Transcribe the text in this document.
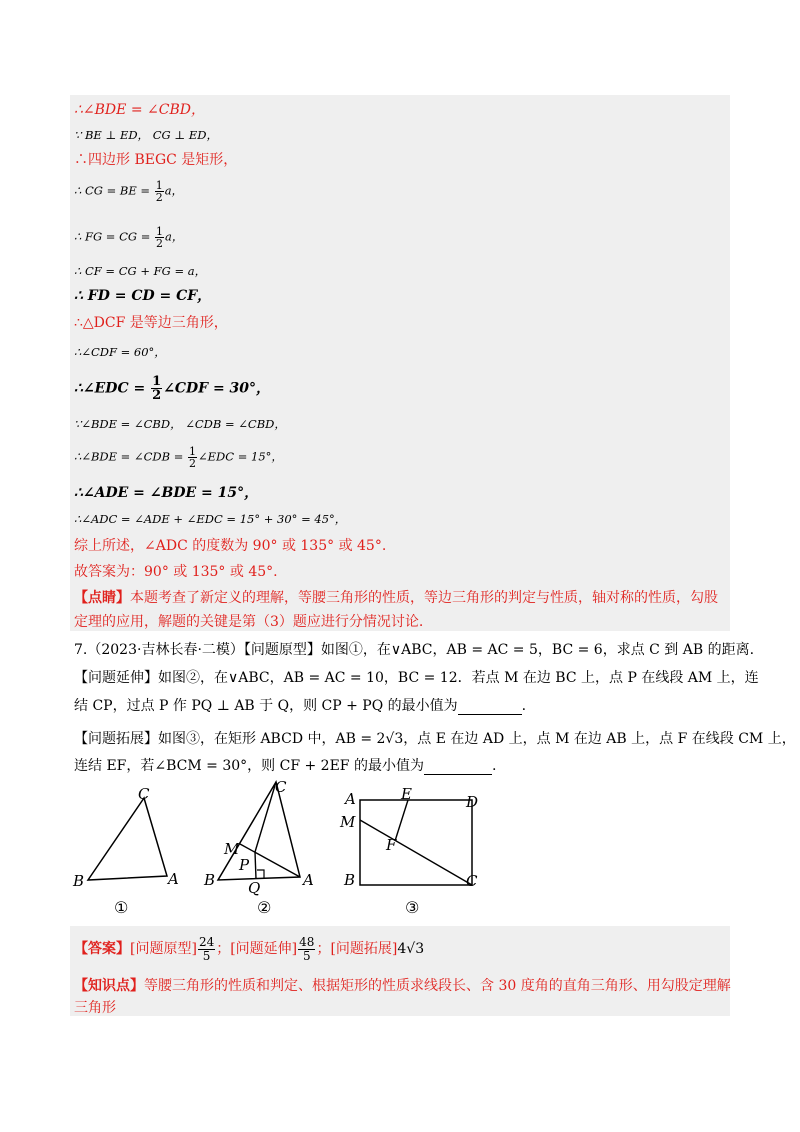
∴∠BDE = ∠CBD，
∵ BE ⊥ ED， CG ⊥ ED，
∴四边形 BEGC 是矩形，
∴ CG = BE = $\frac{1}{2}$ a，
∴ FG = CG = $\frac{1}{2}$ a，
∴ CF = CG + FG = a，
∴ FD = CD = CF，
∴△DCF 是等边三角形，
∴∠CDF = 60°，
∴∠EDC = $\frac{1}{2}$ ∠CDF = 30°，
∵∠BDE = ∠CBD， ∠CDB = ∠CBD，
∴∠BDE = ∠CDB = $\frac{1}{2}$ ∠EDC = 15°，
∴∠ADE = ∠BDE = 15°，
∴∠ADC = ∠ADE + ∠EDC = 15° + 30° = 45°，
综上所述，∠ADC 的度数为 90° 或 135° 或 45°.
故答案为：90° 或 135° 或 45°.
【点睛】本题考查了新定义的理解，等腰三角形的性质，等边三角形的判定与性质，轴对称的性质，勾股
定理的应用，解题的关键是第（3）题应进行分情况讨论.
7.（2023·吉林长春·二模）【问题原型】如图①，在∨ABC，AB = AC = 5，BC = 6，求点 C 到 AB 的距离.
【问题延伸】如图②，在∨ABC，AB = AC = 10，BC = 12．若点 M 在边 BC 上，点 P 在线段 AM 上，连
结 CP，过点 P 作 PQ ⊥ AB 于 Q，则 CP + PQ 的最小值为	.
【问题拓展】如图③，在矩形 ABCD 中，AB = 2√3，点 E 在边 AD 上，点 M 在边 AB 上，点 F 在线段 CM 上，
连结 EF，若∠BCM = 30°，则 CF + 2EF 的最小值为	.
C
B	A
①
C
M
P
B Q	A
②
A	E	D
M
F
B	C
③
【答案】[问题原型] $\frac{24}{5}$ ；[问题延伸] $\frac{48}{5}$ ；[问题拓展]4√3
【知识点】等腰三角形的性质和判定、根据矩形的性质求线段长、含 30 度角的直角三角形、用勾股定理解
三角形
